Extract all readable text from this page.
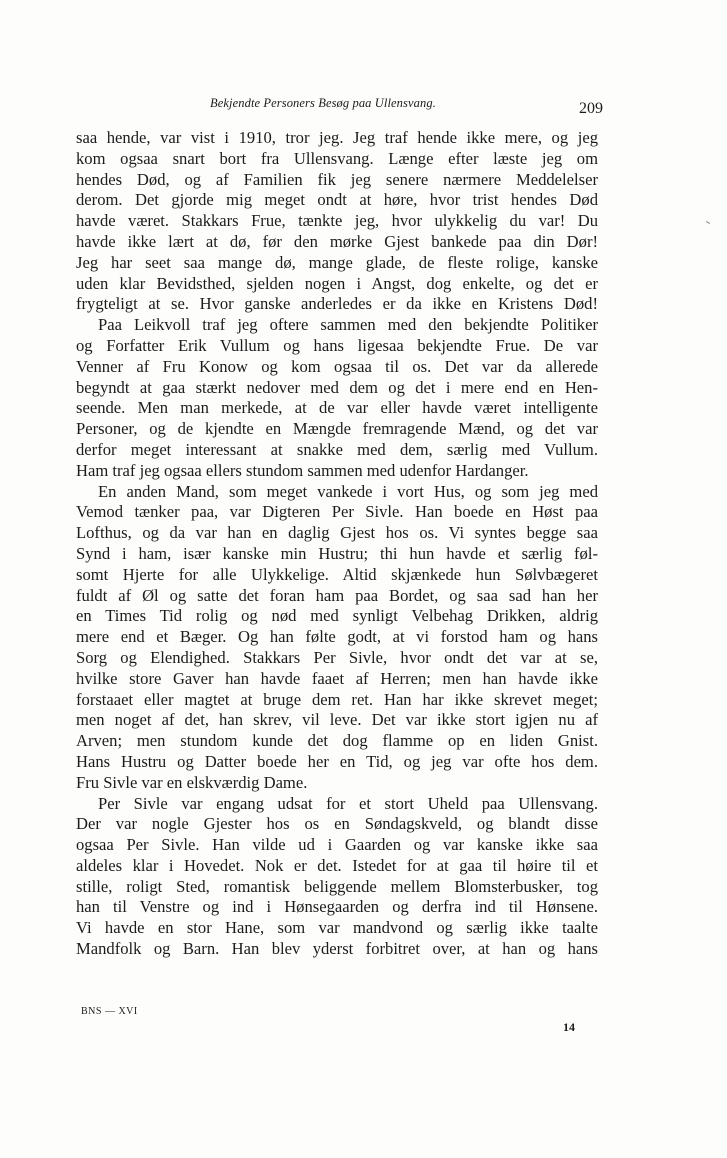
Bekjendte Personers Besøg paa Ullensvang.	209
saa hende, var vist i 1910, tror jeg. Jeg traf hende ikke mere, og jeg
kom ogsaa snart bort fra Ullensvang. Længe efter læste jeg om
hendes Død, og af Familien fik jeg senere nærmere Meddelelser
derom. Det gjorde mig meget ondt at høre, hvor trist hendes Død
havde været. Stakkars Frue, tænkte jeg, hvor ulykkelig du var! Du
havde ikke lært at dø, før den mørke Gjest bankede paa din Dør!
Jeg har seet saa mange dø, mange glade, de fleste rolige, kanske
uden klar Bevidsthed, sjelden nogen i Angst, dog enkelte, og det er
frygteligt at se. Hvor ganske anderledes er da ikke en Kristens Død!
Paa Leikvoll traf jeg oftere sammen med den bekjendte Politiker
og Forfatter Erik Vullum og hans ligesaa bekjendte Frue. De var
Venner af Fru Konow og kom ogsaa til os. Det var da allerede
begyndt at gaa stærkt nedover med dem og det i mere end en Hen-
seende. Men man merkede, at de var eller havde været intelligente
Personer, og de kjendte en Mængde fremragende Mænd, og det var
derfor meget interessant at snakke med dem, særlig med Vullum.
Ham traf jeg ogsaa ellers stundom sammen med udenfor Hardanger.
En anden Mand, som meget vankede i vort Hus, og som jeg med
Vemod tænker paa, var Digteren Per Sivle. Han boede en Høst paa
Lofthus, og da var han en daglig Gjest hos os. Vi syntes begge saa
Synd i ham, især kanske min Hustru; thi hun havde et særlig føl-
somt Hjerte for alle Ulykkelige. Altid skjænkede hun Sølvbægeret
fuldt af Øl og satte det foran ham paa Bordet, og saa sad han her
en Times Tid rolig og nød med synligt Velbehag Drikken, aldrig
mere end et Bæger. Og han følte godt, at vi forstod ham og hans
Sorg og Elendighed. Stakkars Per Sivle, hvor ondt det var at se,
hvilke store Gaver han havde faaet af Herren; men han havde ikke
forstaaet eller magtet at bruge dem ret. Han har ikke skrevet meget;
men noget af det, han skrev, vil leve. Det var ikke stort igjen nu af
Arven; men stundom kunde det dog flamme op en liden Gnist.
Hans Hustru og Datter boede her en Tid, og jeg var ofte hos dem.
Fru Sivle var en elskværdig Dame.
Per Sivle var engang udsat for et stort Uheld paa Ullensvang.
Der var nogle Gjester hos os en Søndagskveld, og blandt disse
ogsaa Per Sivle. Han vilde ud i Gaarden og var kanske ikke saa
aldeles klar i Hovedet. Nok er det. Istedet for at gaa til høire til et
stille, roligt Sted, romantisk beliggende mellem Blomsterbusker, tog
han til Venstre og ind i Hønsegaarden og derfra ind til Hønsene.
Vi havde en stor Hane, som var mandvond og særlig ikke taalte
Mandfolk og Barn. Han blev yderst forbitret over, at han og hans
BNS — XVI
14
